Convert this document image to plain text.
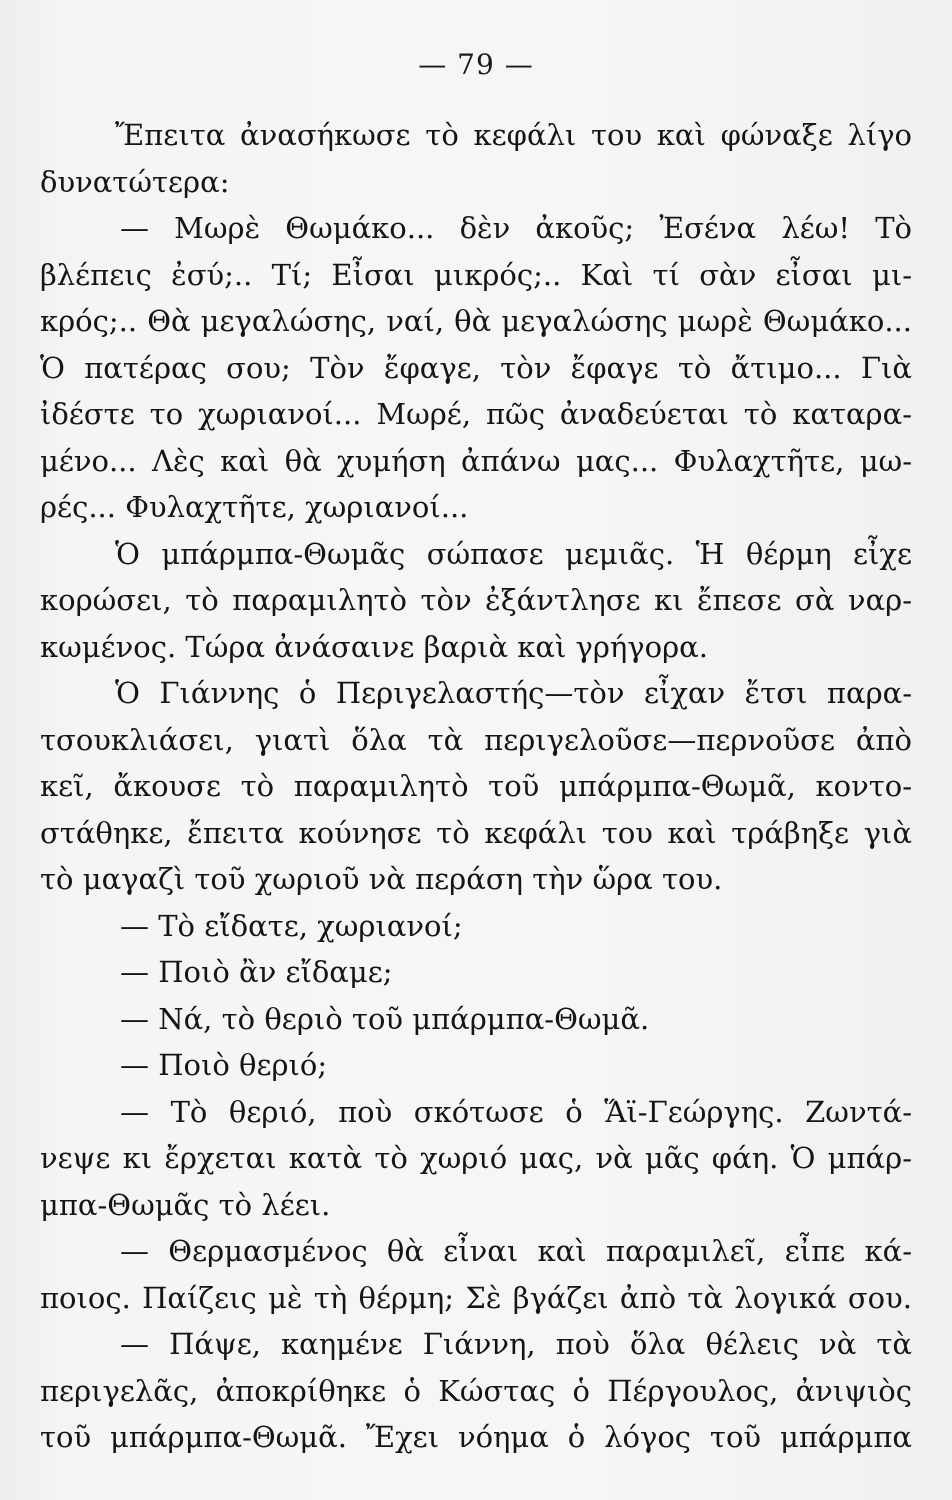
— 79 —
Ἔπειτα ἀνασήκωσε τὸ κεφάλι του καὶ φώναξε λίγο
δυνατώτερα:
— Μωρὲ Θωμάκο... δὲν ἀκοῦς; Ἐσένα λέω! Τὸ
βλέπεις ἐσύ;.. Τί; Εἶσαι μικρός;.. Καὶ τί σὰν εἶσαι μι-
κρός;.. Θὰ μεγαλώσης, ναί, θὰ μεγαλώσης μωρὲ Θωμάκο...
Ὁ πατέρας σου; Τὸν ἔφαγε, τὸν ἔφαγε τὸ ἄτιμο... Γιὰ
ἰδέστε το χωριανοί... Μωρέ, πῶς ἀναδεύεται τὸ καταρα-
μένο... Λὲς καὶ θὰ χυμήση ἀπάνω μας... Φυλαχτῆτε, μω-
ρές... Φυλαχτῆτε, χωριανοί...
Ὁ μπάρμπα-Θωμᾶς σώπασε μεμιᾶς. Ἡ θέρμη εἶχε
κορώσει, τὸ παραμιλητὸ τὸν ἐξάντλησε κι ἔπεσε σὰ ναρ-
κωμένος. Τώρα ἀνάσαινε βαριὰ καὶ γρήγορα.
Ὁ Γιάννης ὁ Περιγελαστής—τὸν εἶχαν ἔτσι παρα-
τσουκλιάσει, γιατὶ ὅλα τὰ περιγελοῦσε—περνοῦσε ἀπὸ
κεῖ, ἄκουσε τὸ παραμιλητὸ τοῦ μπάρμπα-Θωμᾶ, κοντο-
στάθηκε, ἔπειτα κούνησε τὸ κεφάλι του καὶ τράβηξε γιὰ
τὸ μαγαζὶ τοῦ χωριοῦ νὰ περάση τὴν ὥρα του.
— Τὸ εἴδατε, χωριανοί;
— Ποιὸ ἂν εἴδαμε;
— Νά, τὸ θεριὸ τοῦ μπάρμπα-Θωμᾶ.
— Ποιὸ θεριό;
— Τὸ θεριό, ποὺ σκότωσε ὁ Ἅϊ-Γεώργης. Ζωντά-
νεψε κι ἔρχεται κατὰ τὸ χωριό μας, νὰ μᾶς φάη. Ὁ μπάρ-
μπα-Θωμᾶς τὸ λέει.
— Θερμασμένος θὰ εἶναι καὶ παραμιλεῖ, εἶπε κά-
ποιος. Παίζεις μὲ τὴ θέρμη; Σὲ βγάζει ἀπὸ τὰ λογικά σου.
— Πάψε, καημένε Γιάννη, ποὺ ὅλα θέλεις νὰ τὰ
περιγελᾶς, ἀποκρίθηκε ὁ Κώστας ὁ Πέργουλος, ἀνιψιὸς
τοῦ μπάρμπα-Θωμᾶ. Ἔχει νόημα ὁ λόγος τοῦ μπάρμπα
